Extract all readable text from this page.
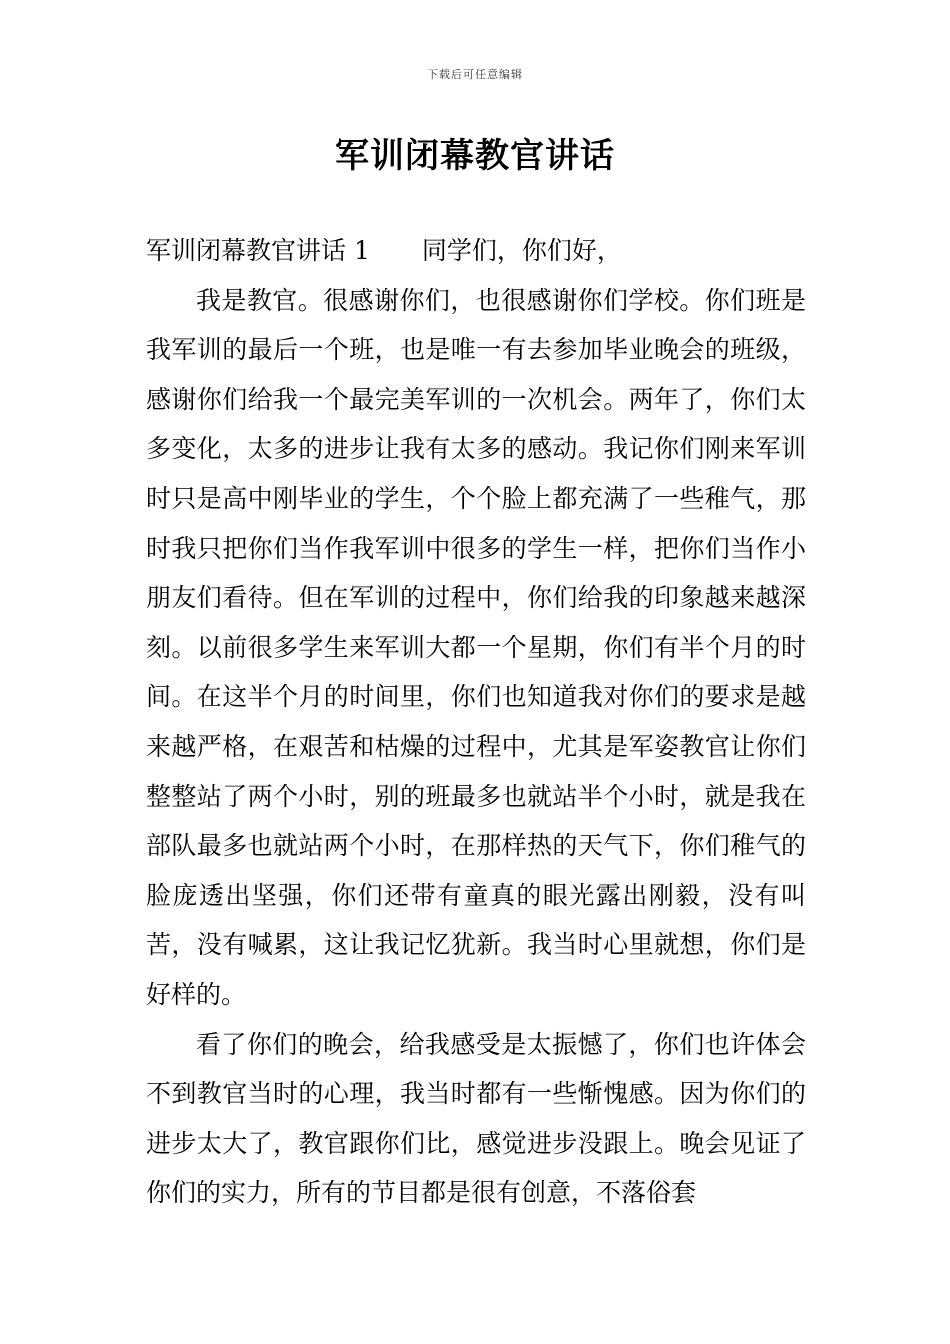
下载后可任意编辑
军训闭幕教官讲话

军训闭幕教官讲话 1 同学们，你们好，

我是教官。很感谢你们，也很感谢你们学校。你们班是我军训的最后一个班，也是唯一有去参加毕业晚会的班级，感谢你们给我一个最完美军训的一次机会。两年了，你们太多变化，太多的进步让我有太多的感动。我记你们刚来军训时只是高中刚毕业的学生，个个脸上都充满了一些稚气，那时我只把你们当作我军训中很多的学生一样，把你们当作小朋友们看待。但在军训的过程中，你们给我的印象越来越深刻。以前很多学生来军训大都一个星期，你们有半个月的时间。在这半个月的时间里，你们也知道我对你们的要求是越来越严格，在艰苦和枯燥的过程中，尤其是军姿教官让你们整整站了两个小时，别的班最多也就站半个小时，就是我在部队最多也就站两个小时，在那样热的天气下，你们稚气的脸庞透出坚强，你们还带有童真的眼光露出刚毅，没有叫苦，没有喊累，这让我记忆犹新。我当时心里就想，你们是好样的。

看了你们的晚会，给我感受是太振憾了，你们也许体会不到教官当时的心理，我当时都有一些惭愧感。因为你们的进步太大了，教官跟你们比，感觉进步没跟上。晚会见证了你们的实力，所有的节目都是很有创意，不落俗套
